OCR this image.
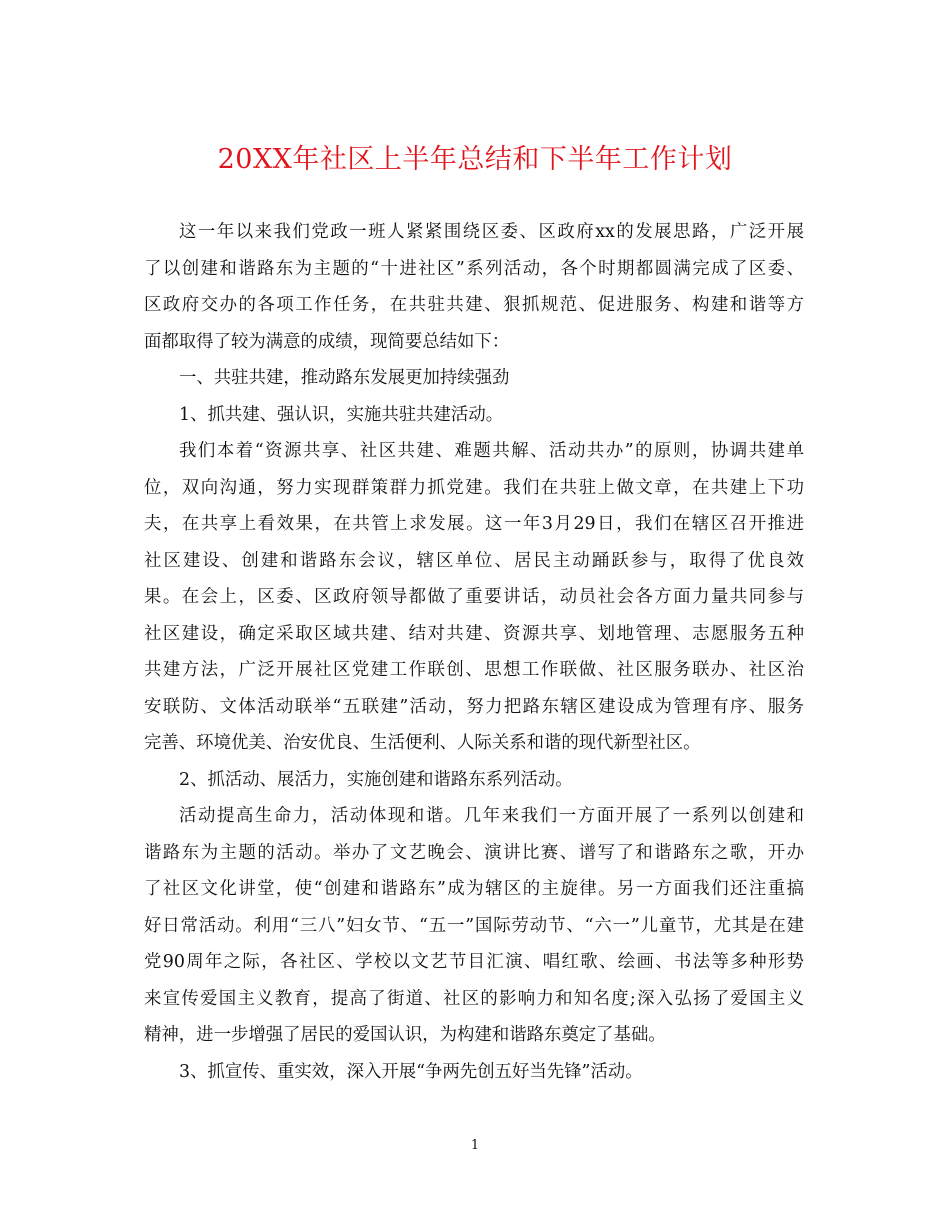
20XX年社区上半年总结和下半年工作计划
这一年以来我们党政一班人紧紧围绕区委、区政府xx的发展思路，广泛开展
了以创建和谐路东为主题的“十进社区”系列活动，各个时期都圆满完成了区委、
区政府交办的各项工作任务，在共驻共建、狠抓规范、促进服务、构建和谐等方
面都取得了较为满意的成绩，现简要总结如下：
一、共驻共建，推动路东发展更加持续强劲
1、抓共建、强认识，实施共驻共建活动。
我们本着“资源共享、社区共建、难题共解、活动共办”的原则，协调共建单
位，双向沟通，努力实现群策群力抓党建。我们在共驻上做文章，在共建上下功
夫，在共享上看效果，在共管上求发展。这一年3月29日，我们在辖区召开推进
社区建设、创建和谐路东会议，辖区单位、居民主动踊跃参与，取得了优良效
果。在会上，区委、区政府领导都做了重要讲话，动员社会各方面力量共同参与
社区建设，确定采取区域共建、结对共建、资源共享、划地管理、志愿服务五种
共建方法，广泛开展社区党建工作联创、思想工作联做、社区服务联办、社区治
安联防、文体活动联举“五联建”活动，努力把路东辖区建设成为管理有序、服务
完善、环境优美、治安优良、生活便利、人际关系和谐的现代新型社区。
2、抓活动、展活力，实施创建和谐路东系列活动。
活动提高生命力，活动体现和谐。几年来我们一方面开展了一系列以创建和
谐路东为主题的活动。举办了文艺晚会、演讲比赛、谱写了和谐路东之歌，开办
了社区文化讲堂，使“创建和谐路东”成为辖区的主旋律。另一方面我们还注重搞
好日常活动。利用“三八”妇女节、“五一”国际劳动节、“六一”儿童节，尤其是在建
党90周年之际，各社区、学校以文艺节目汇演、唱红歌、绘画、书法等多种形势
来宣传爱国主义教育，提高了街道、社区的影响力和知名度;深入弘扬了爱国主义
精神，进一步增强了居民的爱国认识，为构建和谐路东奠定了基础。
3、抓宣传、重实效，深入开展“争两先创五好当先锋”活动。
1
